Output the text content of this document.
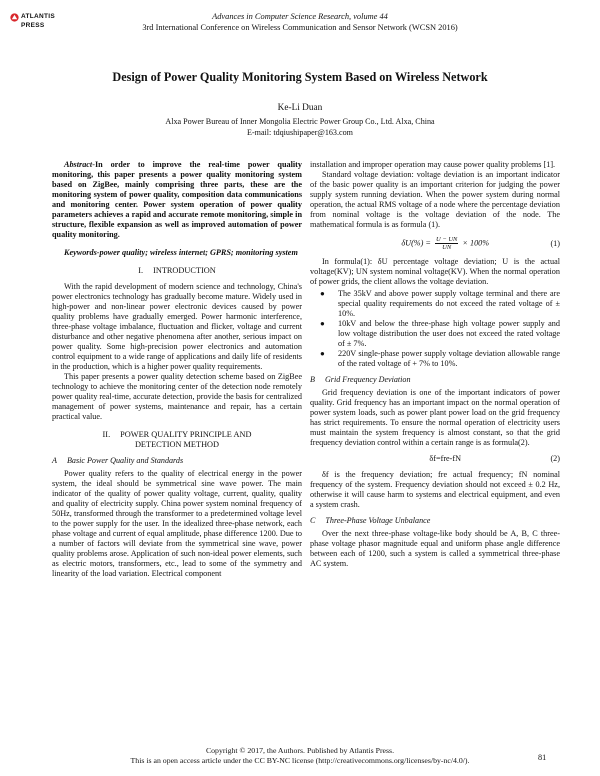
ATLANTIS
PRESS
Advances in Computer Science Research, volume 44
3rd International Conference on Wireless Communication and Sensor Network (WCSN 2016)
Design of Power Quality Monitoring System Based on Wireless Network
Ke-Li Duan
Alxa Power Bureau of Inner Mongolia Electric Power Group Co., Ltd. Alxa, China
E-mail: tdqiushipaper@163.com

Abstract-In order to improve the real-time power quality monitoring, this paper presents a power quality monitoring system based on ZigBee, mainly comprising three parts, these are the monitoring system of power quality, composition data communications and monitoring center. Power system operation of power quality parameters achieves a rapid and accurate remote monitoring, simple in structure, flexible expansion as well as improved automation of power quality monitoring.

Keywords-power quality; wireless internet; GPRS; monitoring system

I. INTRODUCTION

With the rapid development of modern science and technology, China's power electronics technology has gradually become mature. Widely used in high-power and non-linear power electronic devices caused by power quality problems have gradually emerged. Power harmonic interference, three-phase voltage imbalance, fluctuation and flicker, voltage and current disturbance and other negative phenomena after another, serious impact on power quality. Some high-precision power electronics and automation control equipment to a wide range of applications and daily life of residents in the production, which is a higher power quality requirements.

This paper presents a power quality detection scheme based on ZigBee technology to achieve the monitoring center of the detection node remotely power quality real-time, accurate detection, provide the basis for centralized management of power systems, maintenance and repair, has a certain practical value.

II. POWER QUALITY PRINCIPLE AND
DETECTION METHOD

A Basic Power Quality and Standards

Power quality refers to the quality of electrical energy in the power system, the ideal should be symmetrical sine wave power. The main indicator of the quality of power quality voltage, current, quality, quality and quality of electricity supply. China power system nominal frequency of 50Hz, transformed through the transformer to a predetermined voltage level to the power supply for the user. In the idealized three-phase network, each phase voltage and current of equal amplitude, phase difference 1200. Due to a number of factors will deviate from the symmetrical sine wave, power quality problems arose. Application of such non-ideal power elements, such as electric motors, transformers, etc., lead to some of the symmetry and linearity of the load variation. Electrical component

installation and improper operation may cause power quality problems [1].

Standard voltage deviation: voltage deviation is an important indicator of the basic power quality is an important criterion for judging the power supply system running deviation. When the power system during normal operation, the actual RMS voltage of a node where the percentage deviation from nominal voltage is the voltage deviation of the node. The mathematical formula is as formula (1).

$\delta U(\%) = \frac{U - UN}{UN} \times 100\%$	(1)

In formula(1): δU percentage voltage deviation; U is the actual voltage(KV); UN system nominal voltage(KV). When the normal operation of power grids, the client allows the voltage deviation.

● The 35kV and above power supply voltage terminal and there are special quality requirements do not exceed the rated voltage of ± 10%.
● 10kV and below the three-phase high voltage power supply and low voltage distribution the user does not exceed the rated voltage of ± 7%.
● 220V single-phase power supply voltage deviation allowable range of the rated voltage of + 7% to 10%.

B Grid Frequency Deviation

Grid frequency deviation is one of the important indicators of power quality. Grid frequency has an important impact on the normal operation of power system loads, such as power plant power load on the grid frequency has strict requirements. To ensure the normal operation of electricity users must maintain the system frequency is almost constant, so that the grid frequency deviation control within a certain range is as formula(2).

δf=fre-fN	(2)

δf is the frequency deviation; fre actual frequency; fN nominal frequency of the system. Frequency deviation should not exceed ± 0.2 Hz, otherwise it will cause harm to systems and electrical equipment, and even a system crash.

C Three-Phase Voltage Unbalance

Over the next three-phase voltage-like body should be A, B, C three-phase voltage phasor magnitude equal and uniform phase angle difference between each of 1200, such a system is called a symmetrical three-phase AC system.

Copyright © 2017, the Authors. Published by Atlantis Press.
This is an open access article under the CC BY-NC license (http://creativecommons.org/licenses/by-nc/4.0/).	81
